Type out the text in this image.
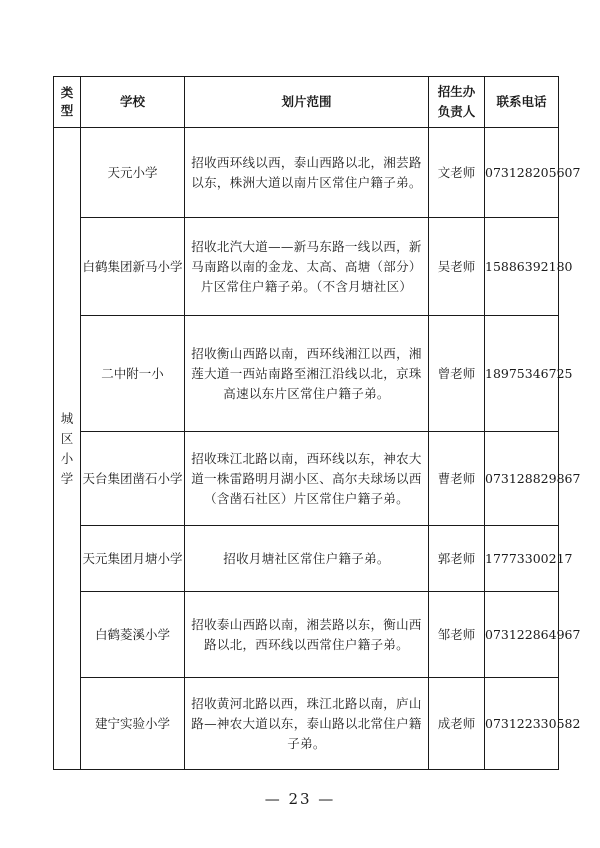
类型	学校	划片范围	招生办负责人	联系电话

城区小学	天元小学	招收西环线以西，泰山西路以北，湘芸路以东，株洲大道以南片区常住户籍子弟。	文老师	073128205607
	白鹤集团新马小学	招收北汽大道——新马东路一线以西，新马南路以南的金龙、太高、高塘（部分）片区常住户籍子弟。（不含月塘社区）	吴老师	15886392180
	二中附一小	招收衡山西路以南，西环线湘江以西，湘莲大道一西站南路至湘江沿线以北，京珠高速以东片区常住户籍子弟。	曾老师	18975346725
	天台集团凿石小学	招收珠江北路以南，西环线以东，神农大道一株雷路明月湖小区、高尔夫球场以西（含凿石社区）片区常住户籍子弟。	曹老师	073128829867
	天元集团月塘小学	招收月塘社区常住户籍子弟。	郭老师	17773300217
	白鹤菱溪小学	招收泰山西路以南，湘芸路以东，衡山西路以北，西环线以西常住户籍子弟。	邹老师	073122864967
	建宁实验小学	招收黄河北路以西，珠江北路以南，庐山路—神农大道以东，泰山路以北常住户籍子弟。	成老师	073122330582
— 23 —
